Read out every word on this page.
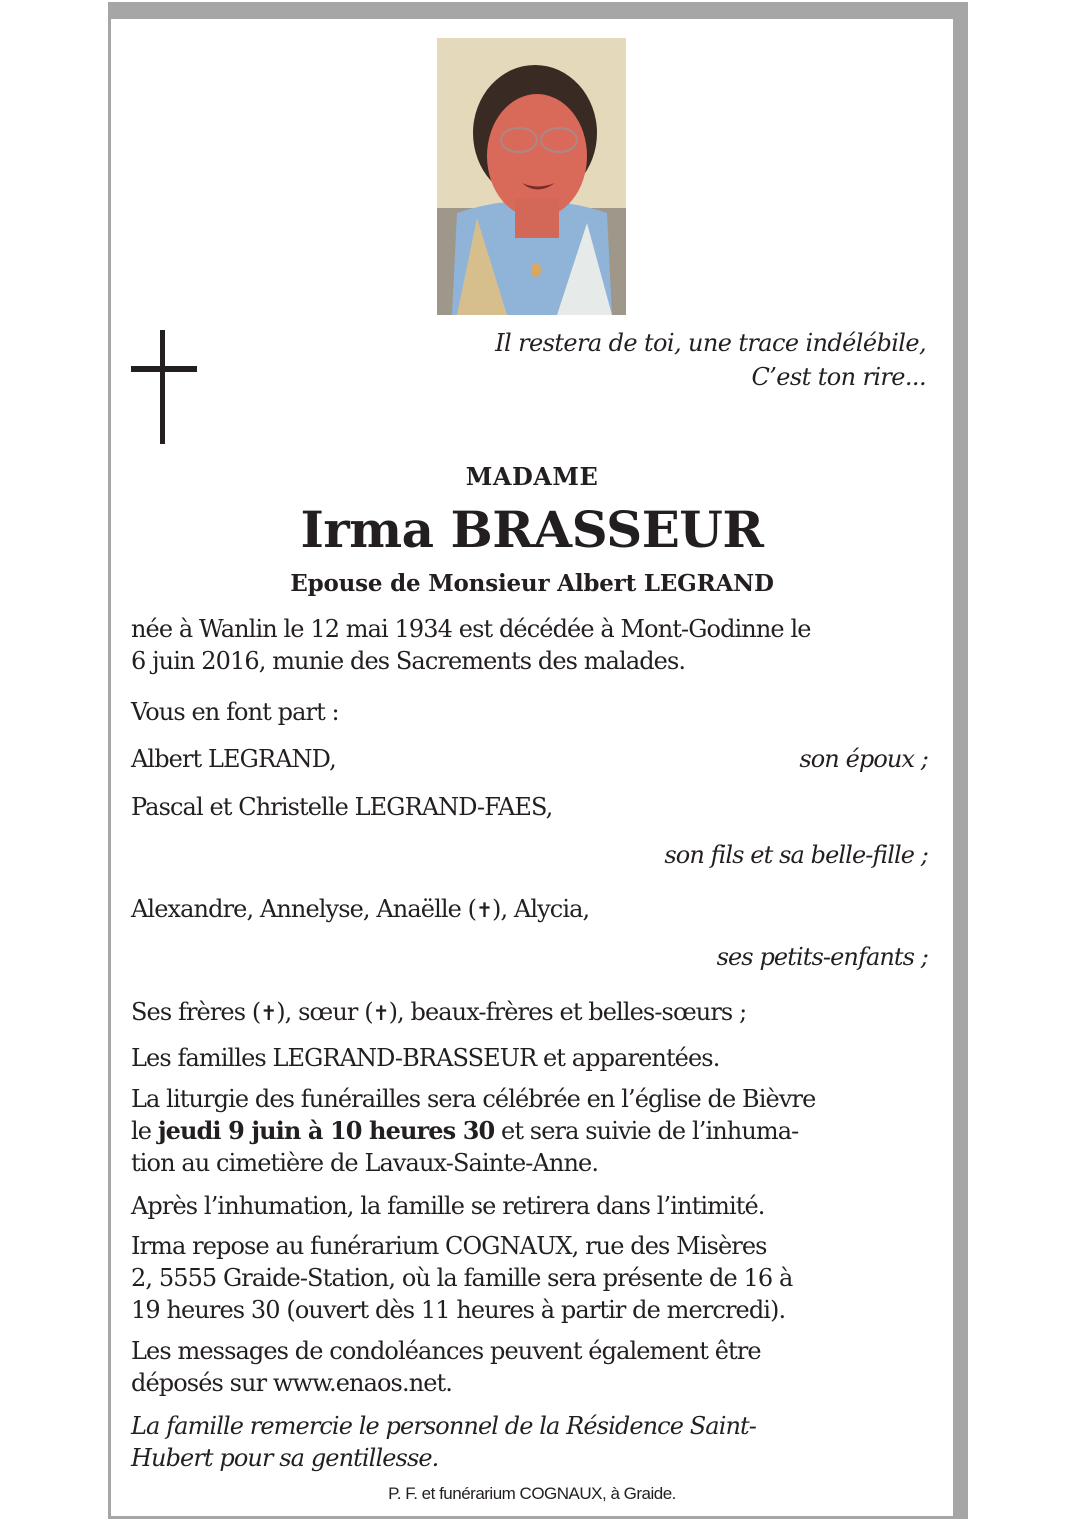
Il restera de toi, une trace indélébile,
C’est ton rire...
MADAME
Irma BRASSEUR
Epouse de Monsieur Albert LEGRAND
née à Wanlin le 12 mai 1934 est décédée à Mont-Godinne le
6 juin 2016, munie des Sacrements des malades.
Vous en font part :
Albert LEGRAND,	son époux ;
Pascal et Christelle LEGRAND-FAES,
son fils et sa belle-fille ;
Alexandre, Annelyse, Anaëlle (✝), Alycia,
ses petits-enfants ;
Ses frères (✝), sœur (✝), beaux-frères et belles-sœurs ;
Les familles LEGRAND-BRASSEUR et apparentées.
La liturgie des funérailles sera célébrée en l’église de Bièvre
le jeudi 9 juin à 10 heures 30 et sera suivie de l’inhuma-
tion au cimetière de Lavaux-Sainte-Anne.
Après l’inhumation, la famille se retirera dans l’intimité.
Irma repose au funérarium COGNAUX, rue des Misères
2, 5555 Graide-Station, où la famille sera présente de 16 à
19 heures 30 (ouvert dès 11 heures à partir de mercredi).
Les messages de condoléances peuvent également être
déposés sur www.enaos.net.
La famille remercie le personnel de la Résidence Saint-
Hubert pour sa gentillesse.
P. F. et funérarium COGNAUX, à Graide.
